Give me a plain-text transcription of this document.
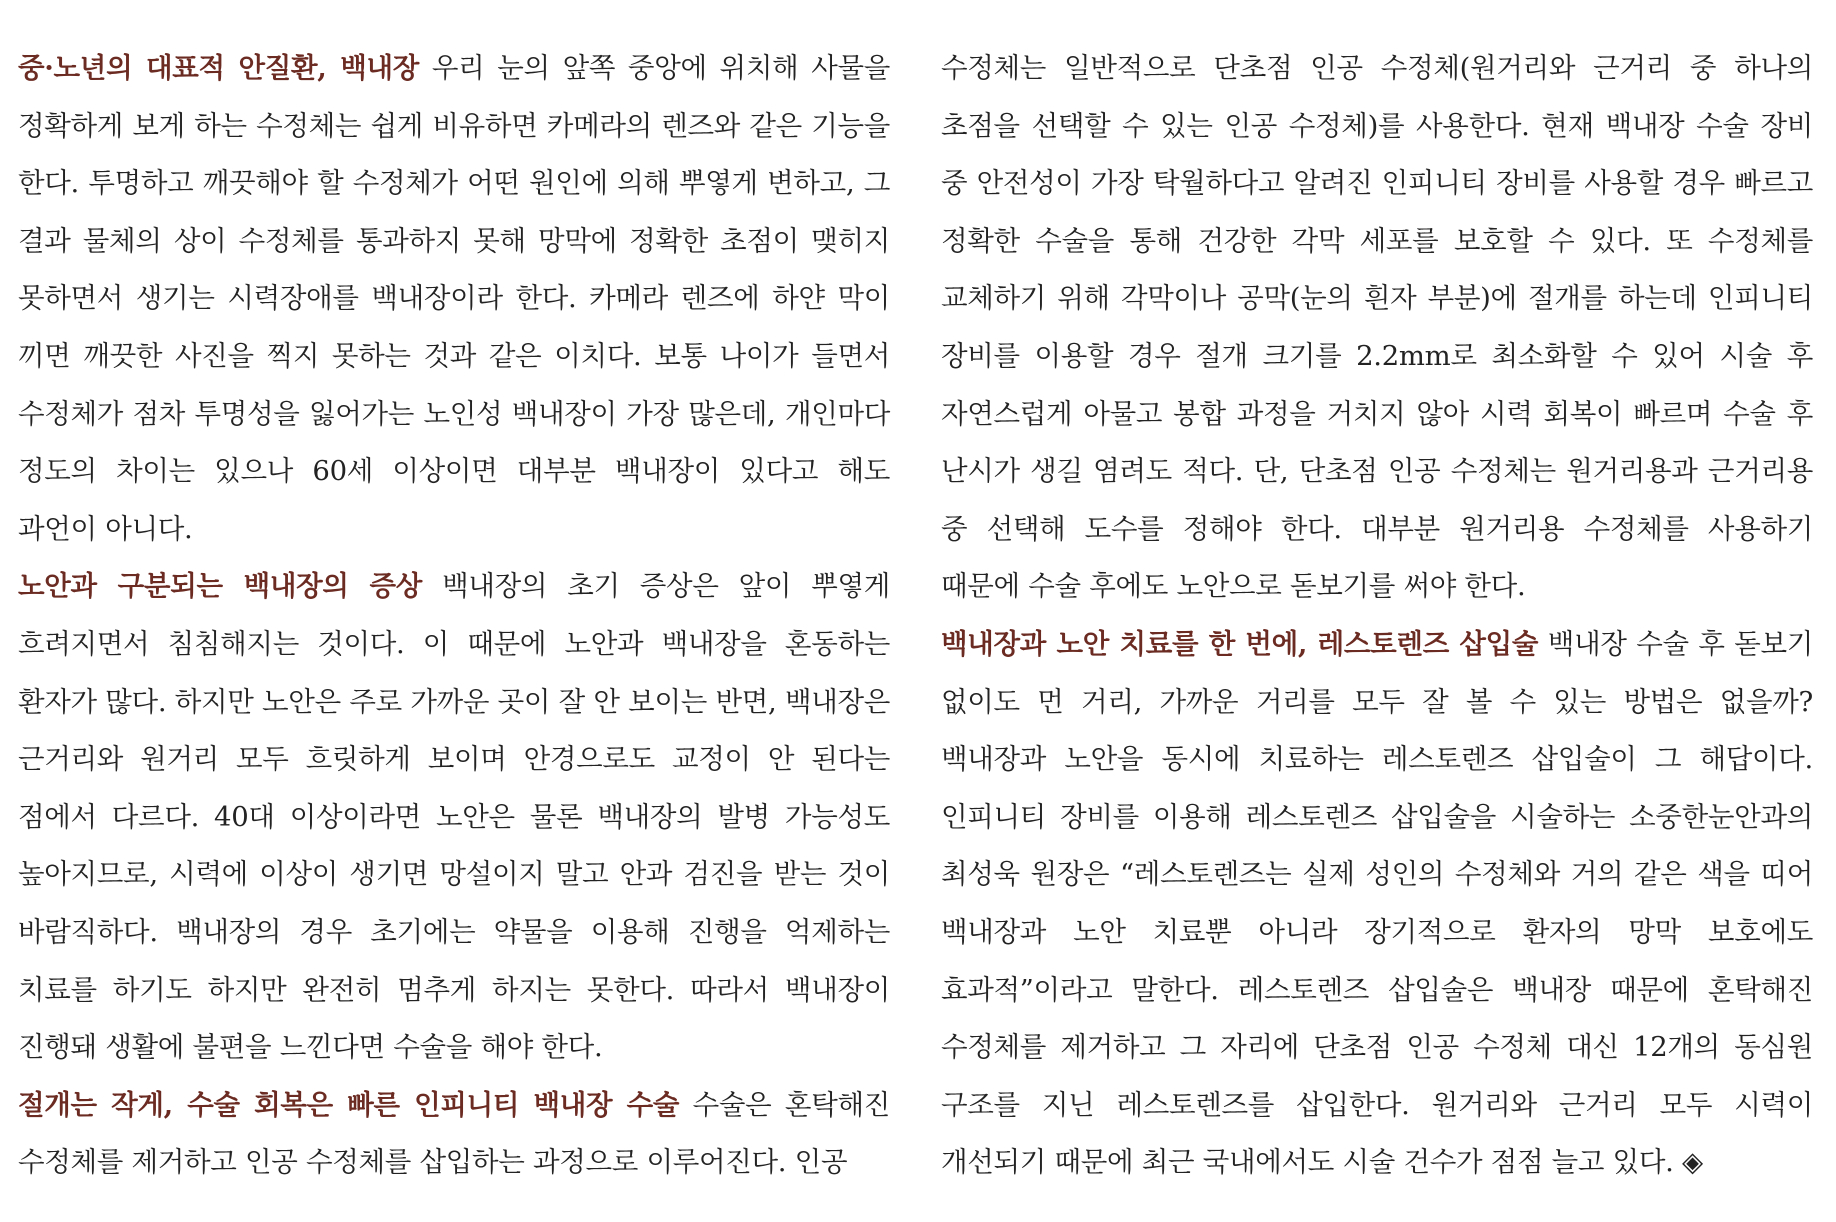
중·노년의 대표적 안질환, 백내장 우리 눈의 앞쪽 중앙에 위치해 사물을 정확하게 보게 하는 수정체는 쉽게 비유하면 카메라의 렌즈와 같은 기능을 한다. 투명하고 깨끗해야 할 수정체가 어떤 원인에 의해 뿌옇게 변하고, 그 결과 물체의 상이 수정체를 통과하지 못해 망막에 정확한 초점이 맺히지 못하면서 생기는 시력장애를 백내장이라 한다. 카메라 렌즈에 하얀 막이 끼면 깨끗한 사진을 찍지 못하는 것과 같은 이치다. 보통 나이가 들면서 수정체가 점차 투명성을 잃어가는 노인성 백내장이 가장 많은데, 개인마다 정도의 차이는 있으나 60세 이상이면 대부분 백내장이 있다고 해도 과언이 아니다.

노안과 구분되는 백내장의 증상 백내장의 초기 증상은 앞이 뿌옇게 흐려지면서 침침해지는 것이다. 이 때문에 노안과 백내장을 혼동하는 환자가 많다. 하지만 노안은 주로 가까운 곳이 잘 안 보이는 반면, 백내장은 근거리와 원거리 모두 흐릿하게 보이며 안경으로도 교정이 안 된다는 점에서 다르다. 40대 이상이라면 노안은 물론 백내장의 발병 가능성도 높아지므로, 시력에 이상이 생기면 망설이지 말고 안과 검진을 받는 것이 바람직하다. 백내장의 경우 초기에는 약물을 이용해 진행을 억제하는 치료를 하기도 하지만 완전히 멈추게 하지는 못한다. 따라서 백내장이 진행돼 생활에 불편을 느낀다면 수술을 해야 한다.

절개는 작게, 수술 회복은 빠른 인피니티 백내장 수술 수술은 혼탁해진 수정체를 제거하고 인공 수정체를 삽입하는 과정으로 이루어진다. 인공

수정체는 일반적으로 단초점 인공 수정체(원거리와 근거리 중 하나의 초점을 선택할 수 있는 인공 수정체)를 사용한다. 현재 백내장 수술 장비 중 안전성이 가장 탁월하다고 알려진 인피니티 장비를 사용할 경우 빠르고 정확한 수술을 통해 건강한 각막 세포를 보호할 수 있다. 또 수정체를 교체하기 위해 각막이나 공막(눈의 흰자 부분)에 절개를 하는데 인피니티 장비를 이용할 경우 절개 크기를 2.2mm로 최소화할 수 있어 시술 후 자연스럽게 아물고 봉합 과정을 거치지 않아 시력 회복이 빠르며 수술 후 난시가 생길 염려도 적다. 단, 단초점 인공 수정체는 원거리용과 근거리용 중 선택해 도수를 정해야 한다. 대부분 원거리용 수정체를 사용하기 때문에 수술 후에도 노안으로 돋보기를 써야 한다.

백내장과 노안 치료를 한 번에, 레스토렌즈 삽입술 백내장 수술 후 돋보기 없이도 먼 거리, 가까운 거리를 모두 잘 볼 수 있는 방법은 없을까? 백내장과 노안을 동시에 치료하는 레스토렌즈 삽입술이 그 해답이다. 인피니티 장비를 이용해 레스토렌즈 삽입술을 시술하는 소중한눈안과의 최성욱 원장은 “레스토렌즈는 실제 성인의 수정체와 거의 같은 색을 띠어 백내장과 노안 치료뿐 아니라 장기적으로 환자의 망막 보호에도 효과적”이라고 말한다. 레스토렌즈 삽입술은 백내장 때문에 혼탁해진 수정체를 제거하고 그 자리에 단초점 인공 수정체 대신 12개의 동심원 구조를 지닌 레스토렌즈를 삽입한다. 원거리와 근거리 모두 시력이 개선되기 때문에 최근 국내에서도 시술 건수가 점점 늘고 있다. ◈
